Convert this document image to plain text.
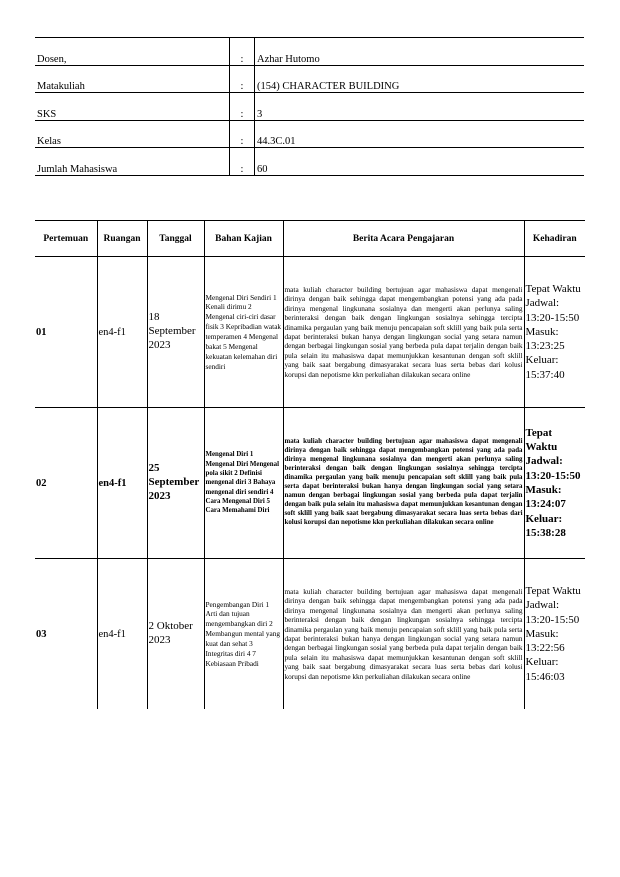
Dosen,	:	Azhar Hutomo
Matakuliah	:	(154) CHARACTER BUILDING
SKS	:	3
Kelas	:	44.3C.01
Jumlah Mahasiswa	:	60
Pertemuan	Ruangan	Tanggal	Bahan Kajian	Berita Acara Pengajaran	Kehadiran
01	en4-f1	18 September 2023	Mengenal Diri Sendiri 1 Kenali dirimu 2 Mengenal ciri-ciri dasar fisik 3 Kepribadian watak temperamen 4 Mengenal bakat 5 Mengenal kekuatan kelemahan diri sendiri	mata kuliah character building bertujuan agar mahasiswa dapat mengenali dirinya dengan baik sehingga dapat mengembangkan potensi yang ada pada dirinya mengenal lingkunana sosialnya dan mengerti akan perlunya saling berinteraksi dengan baik dengan lingkungan sosialnya sehingga tercipta dinamika pergaulan yang baik menuju pencapaian soft sklill yang baik pula serta dapat berinteraksi bukan hanya dengan lingkungan social yang setara namun dengan berbagai lingkungan sosial yang berbeda pula dapat terjalin dengan baik pula selain itu mahasiswa dapat memunjukkan kesantunan dengan soft sklill yang baik saat bergabung dimasyarakat secara luas serta bebas dari kolusi korupsi dan nepotisme kkn perkuliahan dilakukan secara online	Tepat Waktu Jadwal: 13:20-15:50 Masuk: 13:23:25 Keluar: 15:37:40
02	en4-f1	25 September 2023	Mengenal Diri 1 Mengenal Diri Mengenal pola sikit 2 Definisi mengenal diri 3 Bahaya mengenal diri sendiri 4 Cara Mengenal Diri 5 Cara Memahami Diri	mata kuliah character building bertujuan agar mahasiswa dapat mengenali dirinya dengan baik sehingga dapat mengembangkan potensi yang ada pada dirinya mengenal lingkunana sosialnya dan mengerti akan perlunya saling berinteraksi dengan baik dengan lingkungan sosialnya sehingga tercipta dinamika pergaulan yang baik menuju pencapaian soft sklill yang baik pula serta dapat berinteraksi bukan hanya dengan lingkungan social yang setara namun dengan berbagai lingkungan sosial yang berbeda pula dapat terjalin dengan baik pula selain itu mahasiswa dapat memunjukkan kesantunan dengan soft sklill yang baik saat bergabung dimasyarakat secara luas serta bebas dari kolusi korupsi dan nepotisme kkn perkuliahan dilakukan secara online	Tepat Waktu Jadwal: 13:20-15:50 Masuk: 13:24:07 Keluar: 15:38:28
03	en4-f1	2 Oktober 2023	Pengembangan Diri 1 Arti dan tujuan mengembangkan diri 2 Membangun mental yang kuat dan sehat 3 Integritas diri 4 7 Kebiasaan Pribadi	mata kuliah character building bertujuan agar mahasiswa dapat mengenali dirinya dengan baik sehingga dapat mengembangkan potensi yang ada pada dirinya mengenal lingkunana sosialnya dan mengerti akan perlunya saling berinteraksi dengan baik dengan lingkungan sosialnya sehingga tercipta dinamika pergaulan yang baik menuju pencapaian soft sklill yang baik pula serta dapat berinteraksi bukan hanya dengan lingkungan social yang setara namun dengan berbagai lingkungan sosial yang berbeda pula dapat terjalin dengan baik pula selain itu mahasiswa dapat memunjukkan kesantunan dengan soft sklill yang baik saat bergabung dimasyarakat secara luas serta bebas dari kolusi korupsi dan nepotisme kkn perkuliahan dilakukan secara online	Tepat Waktu Jadwal: 13:20-15:50 Masuk: 13:22:56 Keluar: 15:46:03
